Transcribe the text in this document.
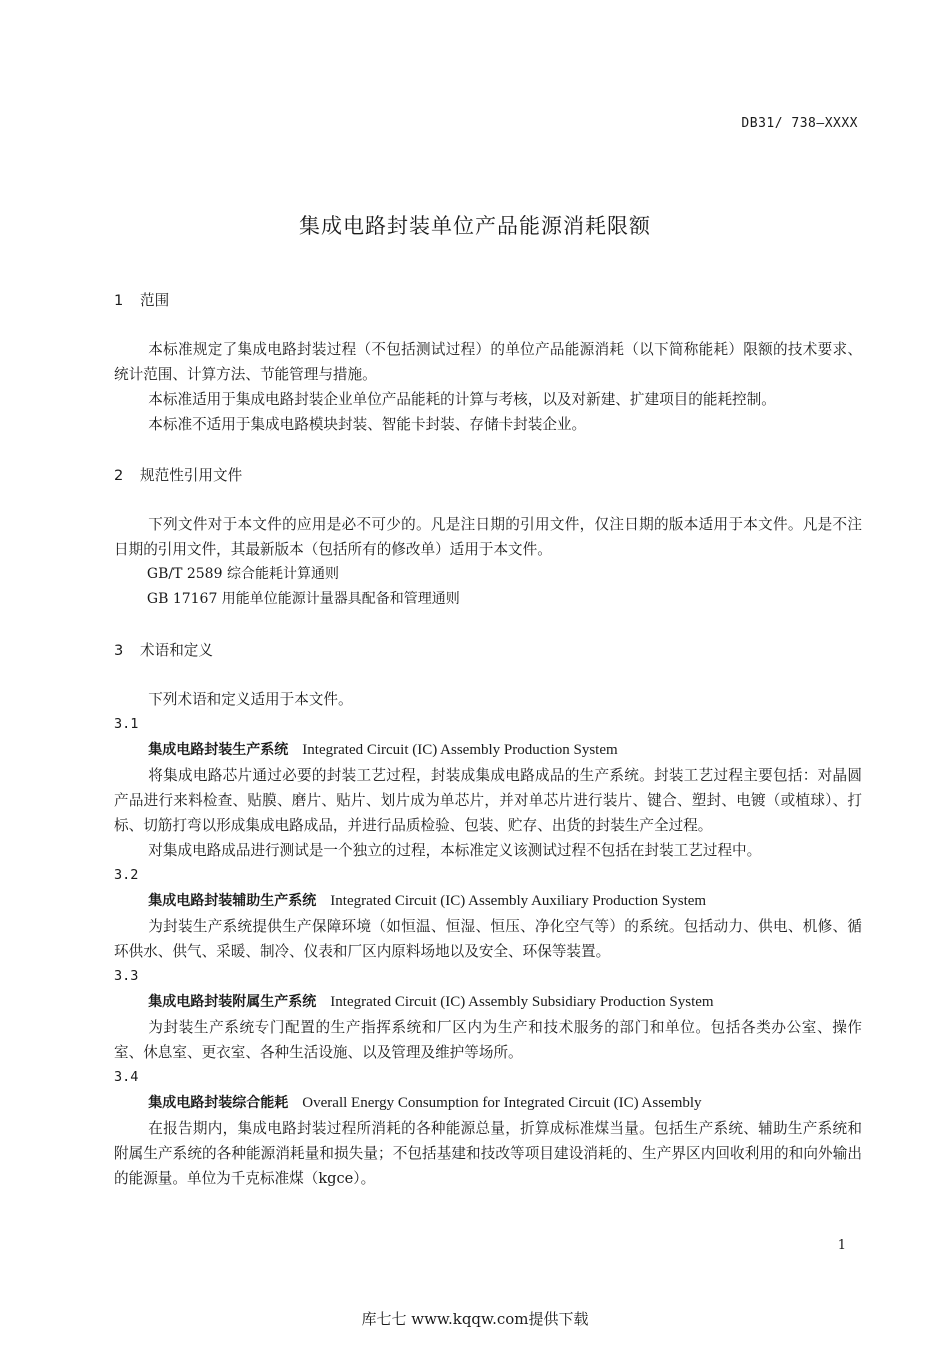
DB31/ 738—XXXX
集成电路封装单位产品能源消耗限额

1 范围

本标准规定了集成电路封装过程（不包括测试过程）的单位产品能源消耗（以下简称能耗）限额的技术要求、统计范围、计算方法、节能管理与措施。

本标准适用于集成电路封装企业单位产品能耗的计算与考核，以及对新建、扩建项目的能耗控制。

本标准不适用于集成电路模块封装、智能卡封装、存储卡封装企业。

2 规范性引用文件

下列文件对于本文件的应用是必不可少的。凡是注日期的引用文件，仅注日期的版本适用于本文件。凡是不注日期的引用文件，其最新版本（包括所有的修改单）适用于本文件。

GB/T 2589 综合能耗计算通则

GB 17167 用能单位能源计量器具配备和管理通则

3 术语和定义

下列术语和定义适用于本文件。

3.1

集成电路封装生产系统 Integrated Circuit (IC) Assembly Production System

将集成电路芯片通过必要的封装工艺过程，封装成集成电路成品的生产系统。封装工艺过程主要包括：对晶圆产品进行来料检查、贴膜、磨片、贴片、划片成为单芯片，并对单芯片进行装片、键合、塑封、电镀（或植球）、打标、切筋打弯以形成集成电路成品，并进行品质检验、包装、贮存、出货的封装生产全过程。

对集成电路成品进行测试是一个独立的过程，本标准定义该测试过程不包括在封装工艺过程中。

3.2

集成电路封装辅助生产系统 Integrated Circuit (IC) Assembly Auxiliary Production System

为封装生产系统提供生产保障环境（如恒温、恒湿、恒压、净化空气等）的系统。包括动力、供电、机修、循环供水、供气、采暖、制冷、仪表和厂区内原料场地以及安全、环保等装置。

3.3

集成电路封装附属生产系统 Integrated Circuit (IC) Assembly Subsidiary Production System

为封装生产系统专门配置的生产指挥系统和厂区内为生产和技术服务的部门和单位。包括各类办公室、操作室、休息室、更衣室、各种生活设施、以及管理及维护等场所。

3.4

集成电路封装综合能耗 Overall Energy Consumption for Integrated Circuit (IC) Assembly

在报告期内，集成电路封装过程所消耗的各种能源总量，折算成标准煤当量。包括生产系统、辅助生产系统和附属生产系统的各种能源消耗量和损失量；不包括基建和技改等项目建设消耗的、生产界区内回收利用的和向外输出的能源量。单位为千克标准煤（kgce）。

1
库七七 www.kqqw.com提供下载
